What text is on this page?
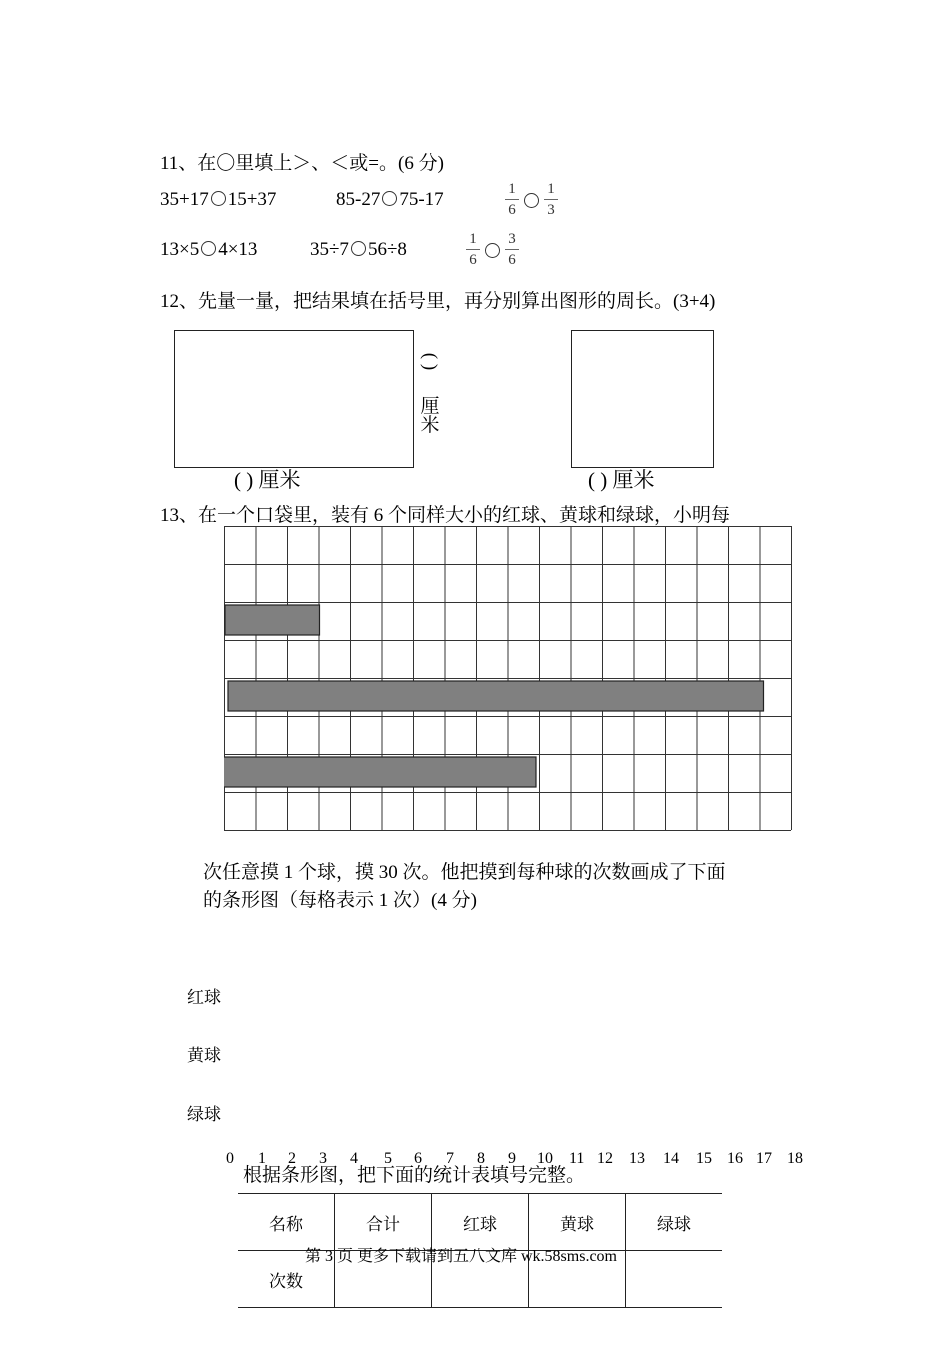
11、在〇里填上＞、＜或=。(6 分)
35+17 15+37	85-27 75-17	1
6
1
3
13×5 4×13	35÷7 56÷8	1
6
3
6
12、先量一量，把结果填在括号里，再分别算出图形的周长。(3+4)
( )
厘米
( ) 厘米	( ) 厘米
13、在一个口袋里，装有 6 个同样大小的红球、黄球和绿球，小明每
次任意摸 1 个球，摸 30 次。他把摸到每种球的次数画成了下面
的条形图（每格表示 1 次）(4 分)
红球
黄球
绿球
0 1 2 3 4 5 6 7 8 9 10 11 12 13 14 15 16 17 18
根据条形图，把下面的统计表填号完整。
名称	合计	红球	黄球	绿球
次数				
第 3 页 更多下载请到五八文库 wk.58sms.com
